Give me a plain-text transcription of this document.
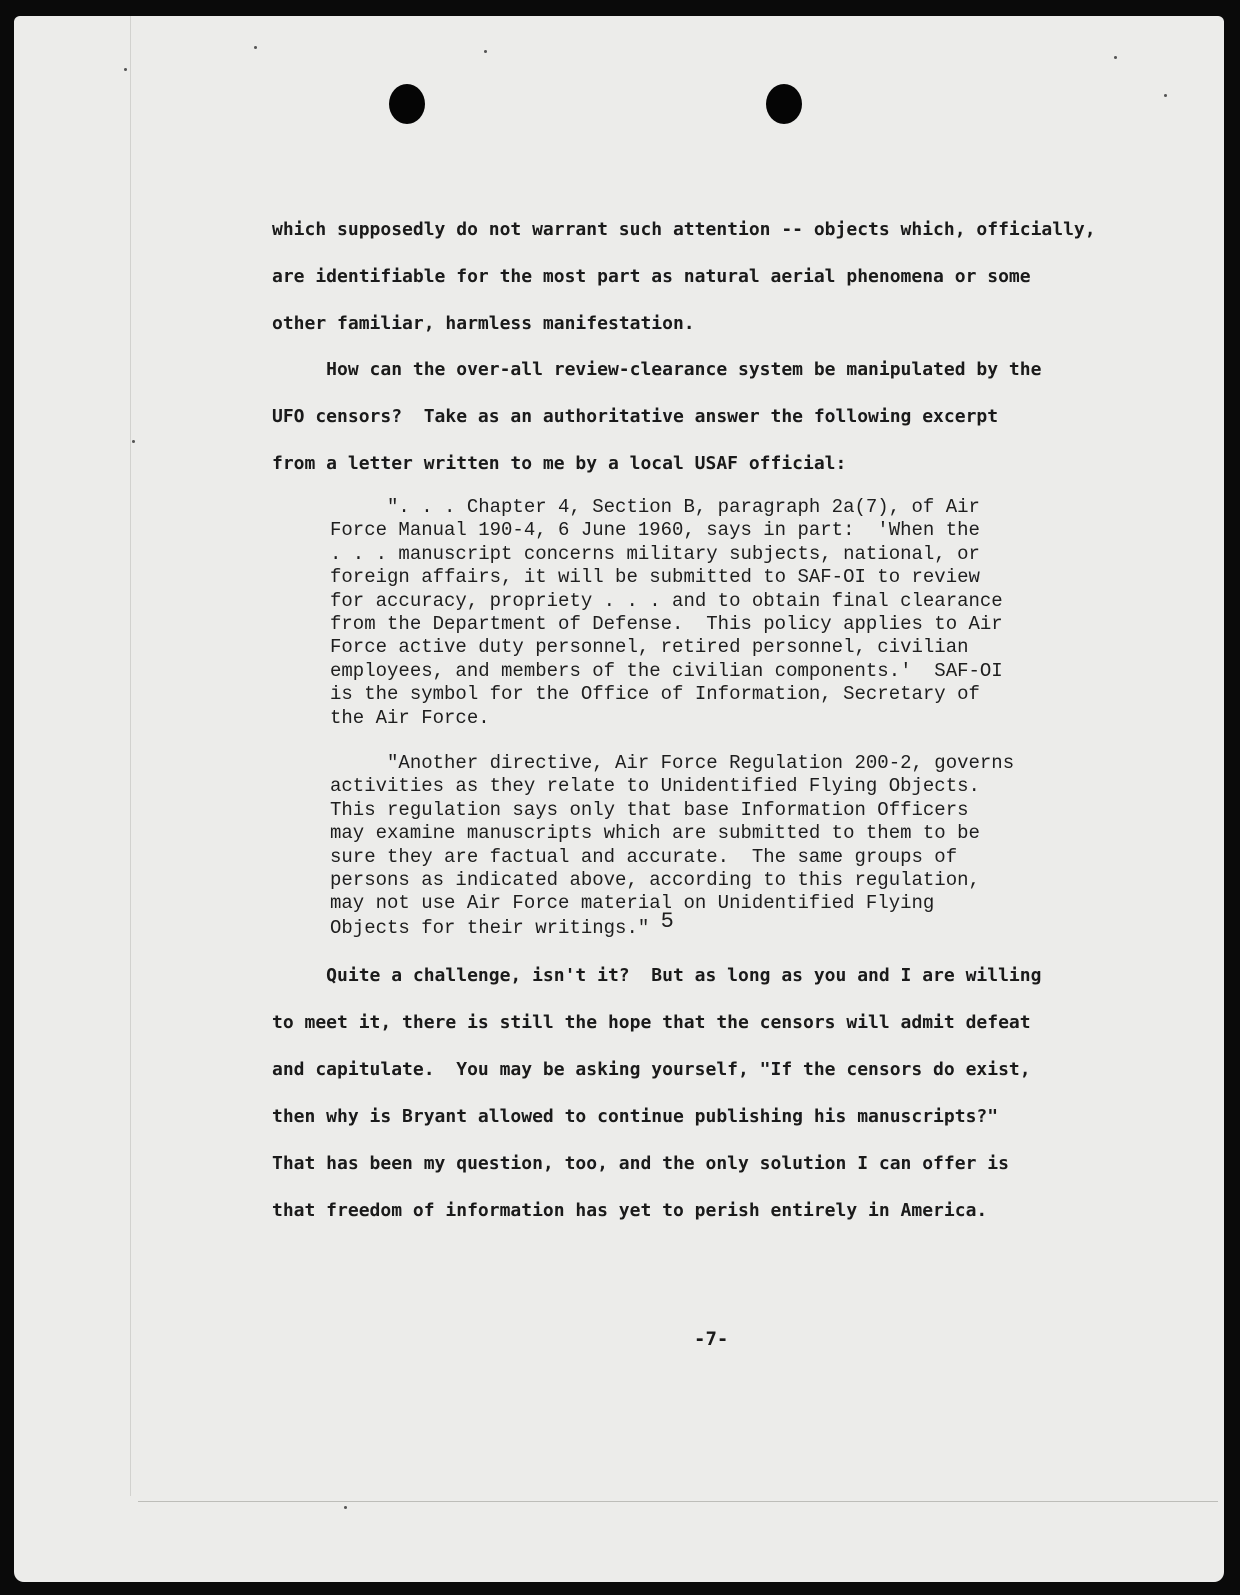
which supposedly do not warrant such attention -- objects which, officially,
are identifiable for the most part as natural aerial phenomena or some
other familiar, harmless manifestation.
How can the over-all review-clearance system be manipulated by the
UFO censors?  Take as an authoritative answer the following excerpt
from a letter written to me by a local USAF official:
". . . Chapter 4, Section B, paragraph 2a(7), of Air
Force Manual 190-4, 6 June 1960, says in part:  'When the
. . . manuscript concerns military subjects, national, or
foreign affairs, it will be submitted to SAF-OI to review
for accuracy, propriety . . . and to obtain final clearance
from the Department of Defense.  This policy applies to Air
Force active duty personnel, retired personnel, civilian
employees, and members of the civilian components.'  SAF-OI
is the symbol for the Office of Information, Secretary of
the Air Force.
"Another directive, Air Force Regulation 200-2, governs
activities as they relate to Unidentified Flying Objects.
This regulation says only that base Information Officers
may examine manuscripts which are submitted to them to be
sure they are factual and accurate.  The same groups of
persons as indicated above, according to this regulation,
may not use Air Force material on Unidentified Flying
Objects for their writings." 5
Quite a challenge, isn't it?  But as long as you and I are willing
to meet it, there is still the hope that the censors will admit defeat
and capitulate.  You may be asking yourself, "If the censors do exist,
then why is Bryant allowed to continue publishing his manuscripts?"
That has been my question, too, and the only solution I can offer is
that freedom of information has yet to perish entirely in America.
-7-
